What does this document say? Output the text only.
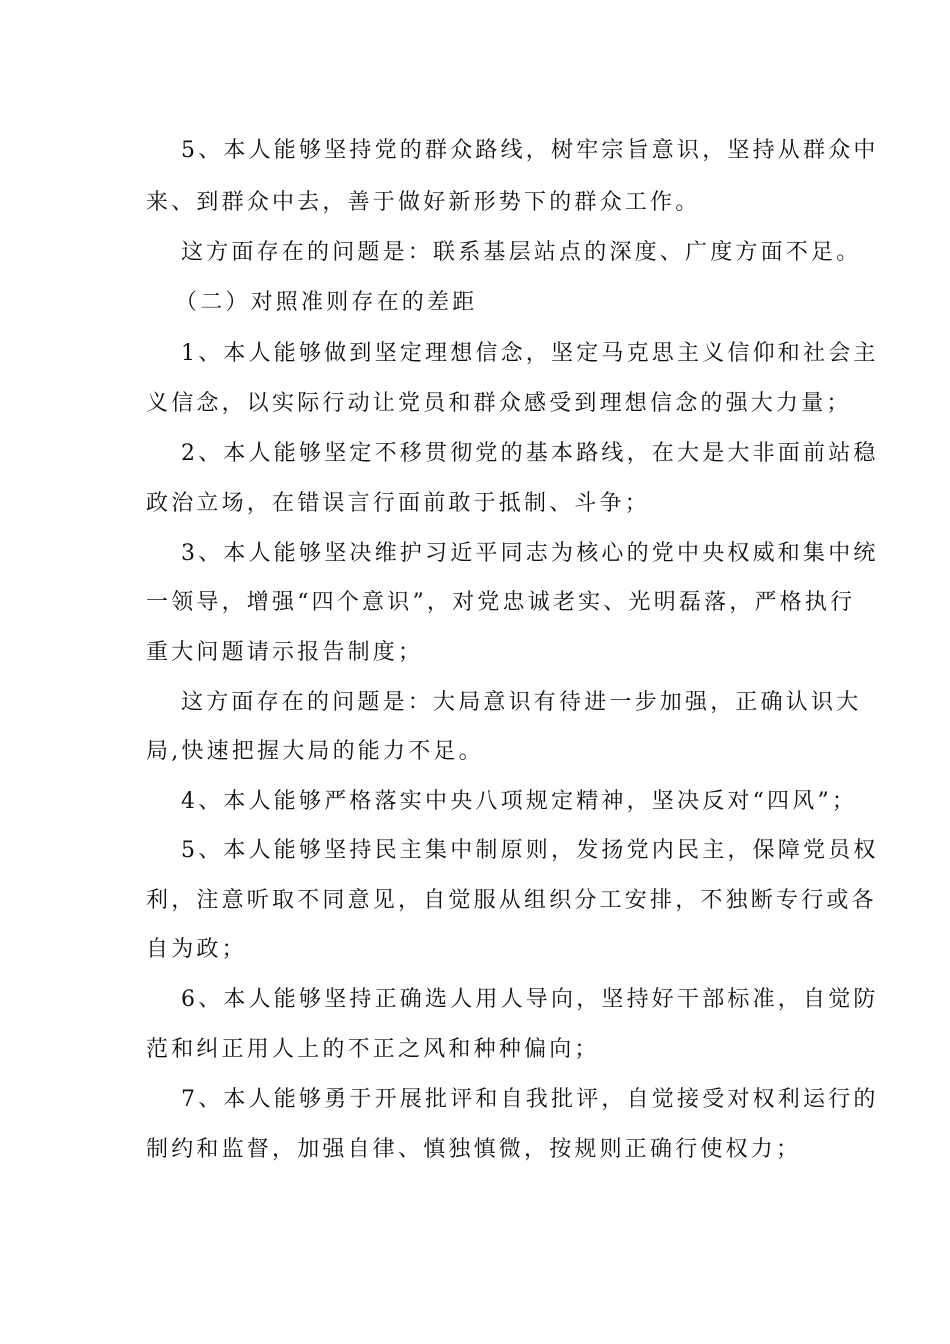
5、本人能够坚持党的群众路线，树牢宗旨意识，坚持从群众中
来、到群众中去，善于做好新形势下的群众工作。
这方面存在的问题是：联系基层站点的深度、广度方面不足。
（二）对照准则存在的差距
1、本人能够做到坚定理想信念，坚定马克思主义信仰和社会主
义信念，以实际行动让党员和群众感受到理想信念的强大力量；
2、本人能够坚定不移贯彻党的基本路线，在大是大非面前站稳
政治立场，在错误言行面前敢于抵制、斗争；
3、本人能够坚决维护习近平同志为核心的党中央权威和集中统
一领导，增强“四个意识”，对党忠诚老实、光明磊落，严格执行
重大问题请示报告制度；
这方面存在的问题是：大局意识有待进一步加强，正确认识大
局,快速把握大局的能力不足。
4、本人能够严格落实中央八项规定精神，坚决反对“四风”；
5、本人能够坚持民主集中制原则，发扬党内民主，保障党员权
利，注意听取不同意见，自觉服从组织分工安排，不独断专行或各
自为政；
6、本人能够坚持正确选人用人导向，坚持好干部标准，自觉防
范和纠正用人上的不正之风和种种偏向；
7、本人能够勇于开展批评和自我批评，自觉接受对权利运行的
制约和监督，加强自律、慎独慎微，按规则正确行使权力；
